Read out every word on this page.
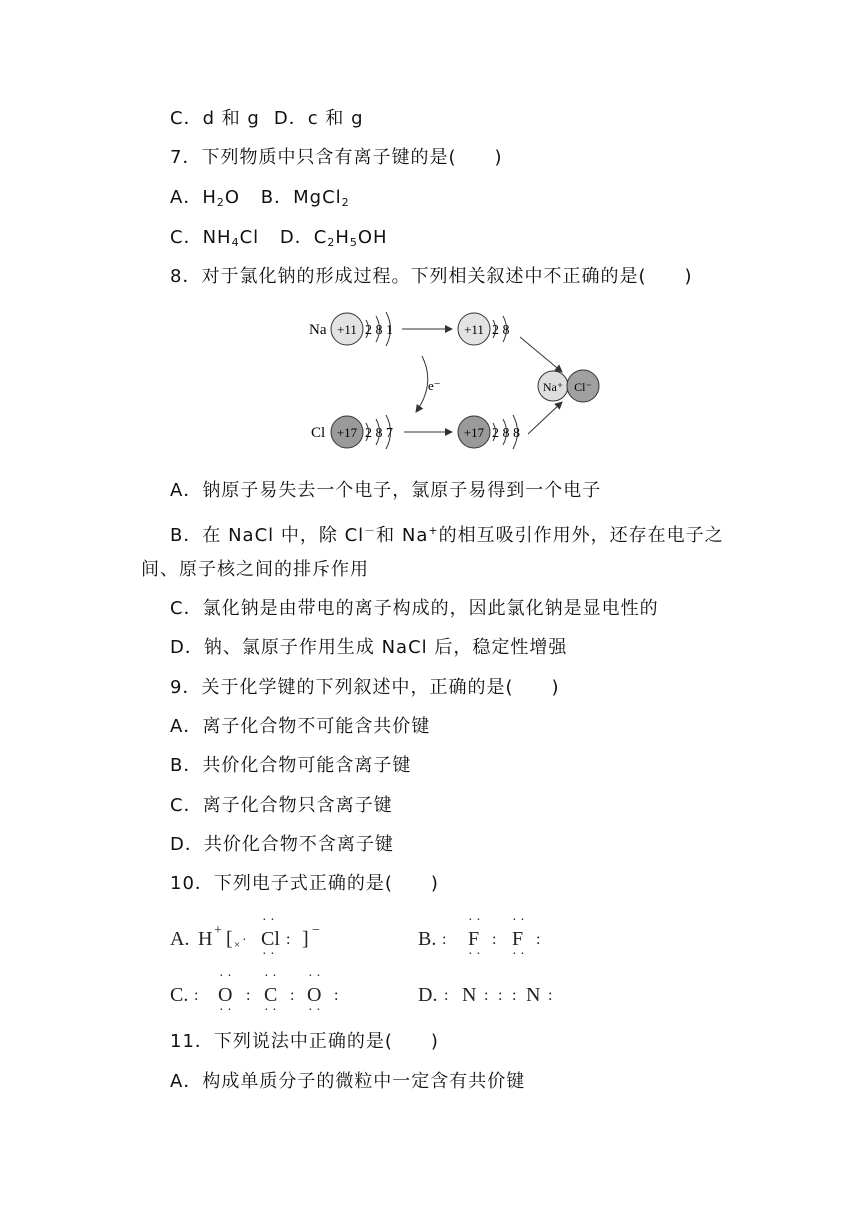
C．d 和 g D．c 和 g
7．下列物质中只含有离子键的是(　　)
A．$H_2O$ B．MgCl$_2$
C．$NH_4Cl$ D．$C_2H_5OH$
8．对于氯化钠的形成过程。下列相关叙述中不正确的是(　　)
Na +11 2 8 1	+11 2 8
e⁻
Cl +17 2 8 7	+17 2 8 8
Na⁺ Cl⁻
A．钠原子易失去一个电子，氯原子易得到一个电子
B．在 NaCl 中，除 Cl－和 Na+的相互吸引作用外，还存在电子之
间、原子核之间的排斥作用
C．氯化钠是由带电的离子构成的，因此氯化钠是显电性的
D．钠、氯原子作用生成 NaCl 后，稳定性增强
9．关于化学键的下列叙述中，正确的是(　　)
A．离子化合物不可能含共价键
B．共价化合物可能含离子键
C．离子化合物只含离子键
D．共价化合物不含离子键
10．下列电子式正确的是(　　)
A. H + [ × ·
· ·
Cl
· ·
: ] −	B. :
· ·
F
· ·
:
· ·
F
· ·
:
C. :
· ·
O
· ·
:
· ·
C
· ·
:
· ·
O
· ·
:	D. : N : : : N :
11．下列说法中正确的是(　　)
A．构成单质分子的微粒中一定含有共价键
